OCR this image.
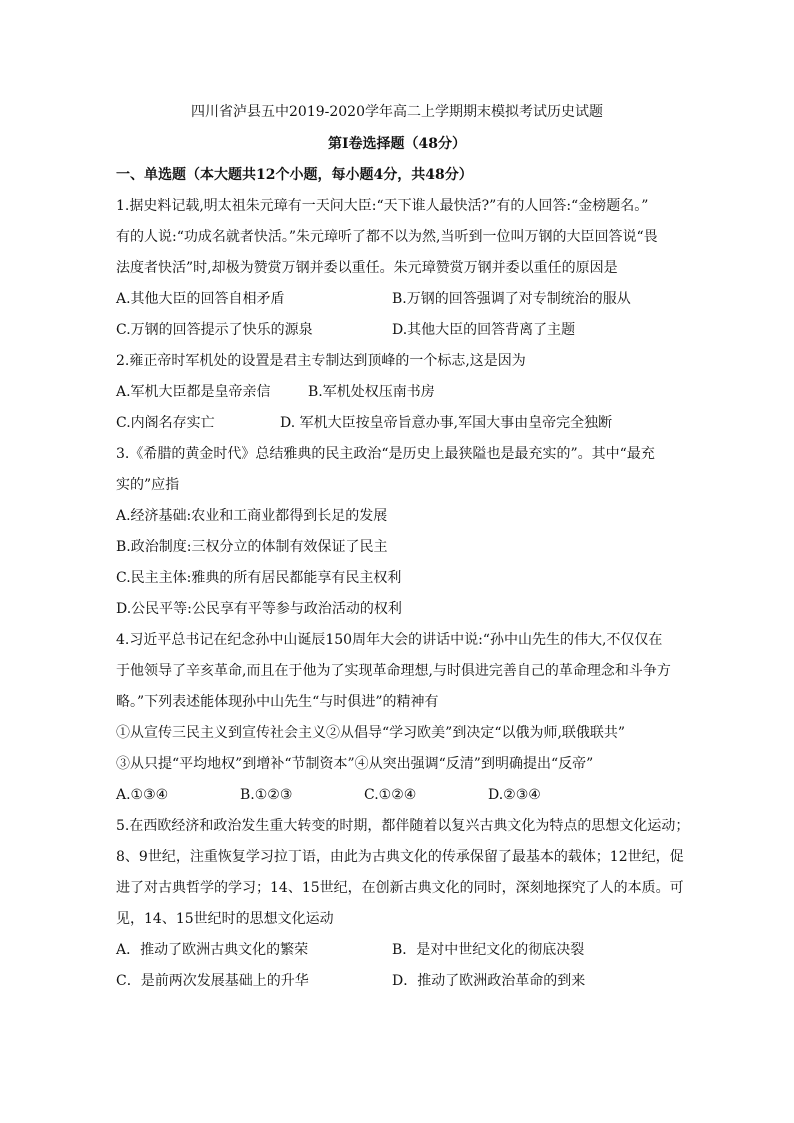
四川省泸县五中2019-2020学年高二上学期期末模拟考试历史试题
第Ⅰ卷选择题（48分）
一、单选题（本大题共12个小题，每小题4分，共48分）
1.据史料记载,明太祖朱元璋有一天问大臣:“天下谁人最快活?”有的人回答:“金榜题名。”
有的人说:“功成名就者快活。”朱元璋听了都不以为然,当听到一位叫万钢的大臣回答说“畏
法度者快活”时,却极为赞赏万钢并委以重任。朱元璋赞赏万钢并委以重任的原因是
A.其他大臣的回答自相矛盾	B.万钢的回答强调了对专制统治的服从
C.万钢的回答提示了快乐的源泉	D.其他大臣的回答背离了主题
2.雍正帝时军机处的设置是君主专制达到顶峰的一个标志,这是因为
A.军机大臣都是皇帝亲信	B.军机处权压南书房
C.内阁名存实亡	D. 军机大臣按皇帝旨意办事,军国大事由皇帝完全独断
3.《希腊的黄金时代》总结雅典的民主政治“是历史上最狭隘也是最充实的”。其中“最充
实的”应指
A.经济基础:农业和工商业都得到长足的发展
B.政治制度:三权分立的体制有效保证了民主
C.民主主体:雅典的所有居民都能享有民主权利
D.公民平等:公民享有平等参与政治活动的权利
4.习近平总书记在纪念孙中山诞辰150周年大会的讲话中说:“孙中山先生的伟大,不仅仅在
于他领导了辛亥革命,而且在于他为了实现革命理想,与时俱进完善自己的革命理念和斗争方
略。”下列表述能体现孙中山先生“与时俱进”的精神有
①从宣传三民主义到宣传社会主义②从倡导“学习欧美”到决定“以俄为师,联俄联共”
③从只提“平均地权”到增补“节制资本”④从突出强调“反清”到明确提出“反帝”
A.①③④	B.①②③	C.①②④	D.②③④
5.在西欧经济和政治发生重大转变的时期，都伴随着以复兴古典文化为特点的思想文化运动；
8、9世纪，注重恢复学习拉丁语，由此为古典文化的传承保留了最基本的载体；12世纪，促
进了对古典哲学的学习；14、15世纪，在创新古典文化的同时，深刻地探究了人的本质。可
见，14、15世纪时的思想文化运动
A．推动了欧洲古典文化的繁荣	B．是对中世纪文化的彻底决裂
C．是前两次发展基础上的升华	D．推动了欧洲政治革命的到来
